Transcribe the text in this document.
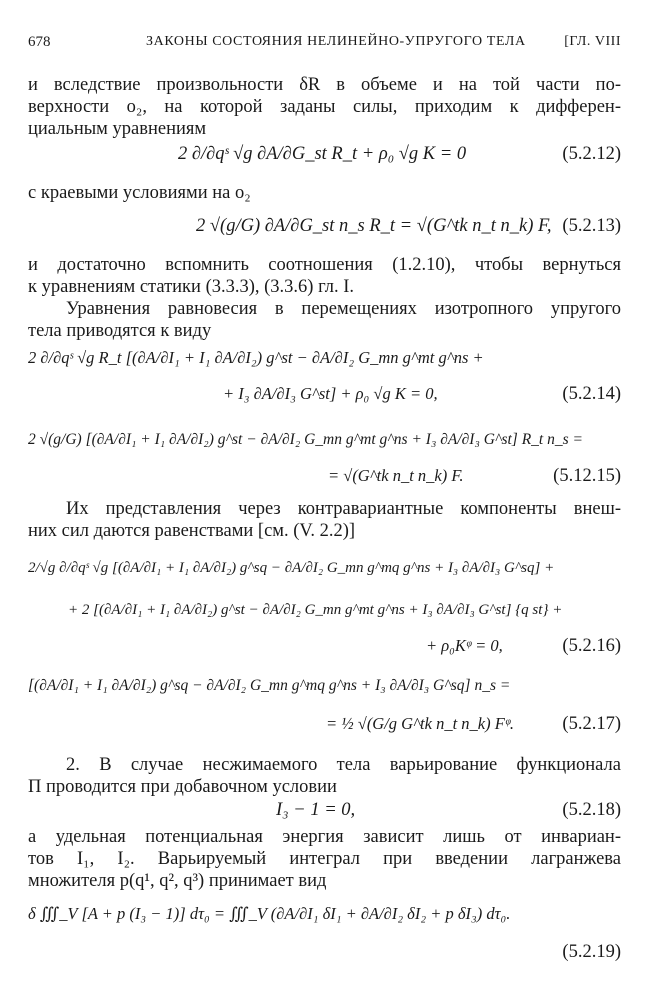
678	ЗАКОНЫ СОСТОЯНИЯ НЕЛИНЕЙНО-УПРУГОГО ТЕЛА	[ГЛ. VIII
и вследствие произвольности δR в объеме и на той части по-
верхности o₂, на которой заданы силы, приходим к дифферен-
циальным уравнениям
2 ∂/∂qˢ √g ∂A/∂G_st R_t + ρ₀ √g K = 0	(5.2.12)
с краевыми условиями на o₂
2 √(g/G) ∂A/∂G_st n_s R_t = √(G^tk n_t n_k) F, (5.2.13)
и достаточно вспомнить соотношения (1.2.10), чтобы вернуться
к уравнениям статики (3.3.3), (3.3.6) гл. I.
Уравнения равновесия в перемещениях изотропного упругого
тела приводятся к виду
2 ∂/∂qˢ √g R_t [(∂A/∂I₁ + I₁ ∂A/∂I₂) g^st − ∂A/∂I₂ G_mn g^mt g^ns +
+ I₃ ∂A/∂I₃ G^st] + ρ₀ √g K = 0,	(5.2.14)
2 √(g/G) [(∂A/∂I₁ + I₁ ∂A/∂I₂) g^st − ∂A/∂I₂ G_mn g^mt g^ns + I₃ ∂A/∂I₃ G^st] R_t n_s =
= √(G^tk n_t n_k) F.	(5.12.15)
Их представления через контравариантные компоненты внеш-
них сил даются равенствами [см. (V. 2.2)]
2/√g ∂/∂qˢ √g [(∂A/∂I₁ + I₁ ∂A/∂I₂) g^sq − ∂A/∂I₂ G_mn g^mq g^ns + I₃ ∂A/∂I₃ G^sq] +
+ 2 [(∂A/∂I₁ + I₁ ∂A/∂I₂) g^st − ∂A/∂I₂ G_mn g^mt g^ns + I₃ ∂A/∂I₃ G^st] {q st} +
+ ρ₀Kᵠ = 0,	(5.2.16)
[(∂A/∂I₁ + I₁ ∂A/∂I₂) g^sq − ∂A/∂I₂ G_mn g^mq g^ns + I₃ ∂A/∂I₃ G^sq] n_s =
= ½ √(G/g G^tk n_t n_k) Fᵠ.	(5.2.17)
2. В случае несжимаемого тела варьирование функционала
П проводится при добавочном условии
I₃ − 1 = 0,	(5.2.18)
а удельная потенциальная энергия зависит лишь от инвариан-
тов I₁, I₂. Варьируемый интеграл при введении лагранжева
множителя p(q¹, q², q³) принимает вид
δ ∭_V [A + p (I₃ − 1)] dτ₀ = ∭_V (∂A/∂I₁ δI₁ + ∂A/∂I₂ δI₂ + p δI₃) dτ₀.
(5.2.19)
